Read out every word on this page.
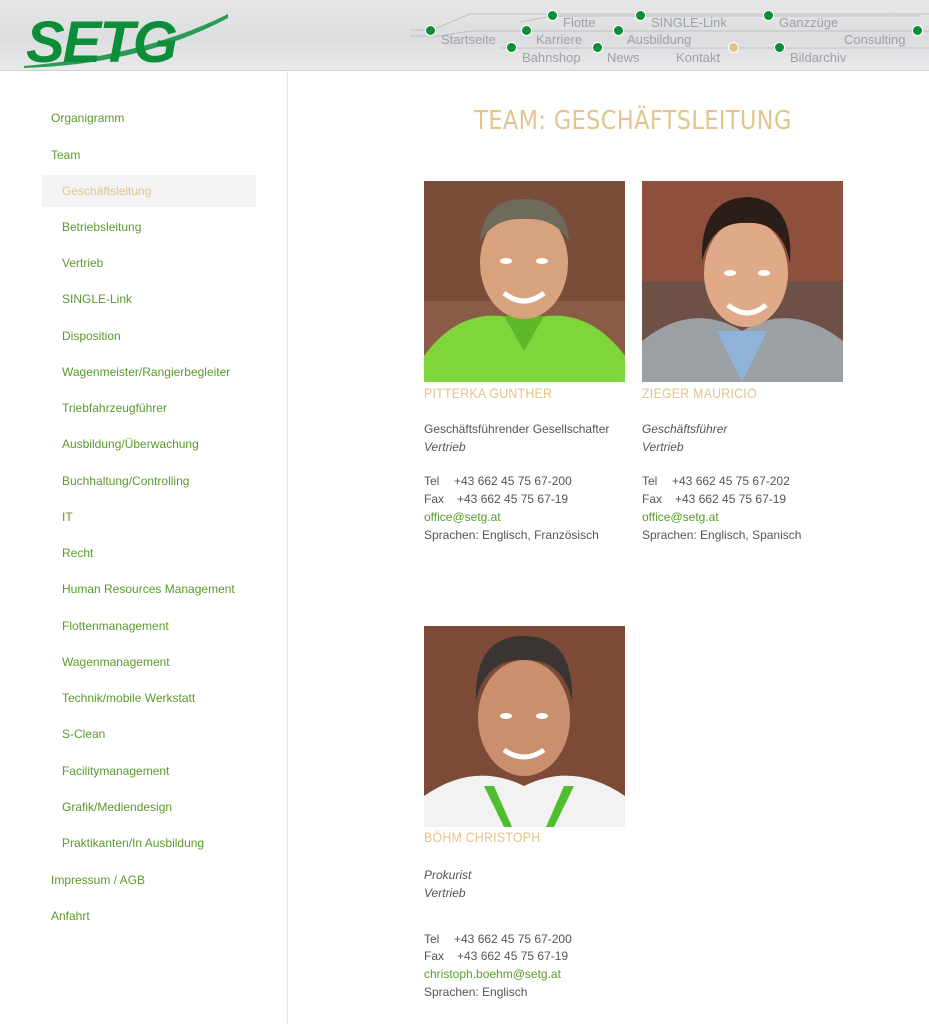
SETG	Flotte	SINGLE-Link	Ganzzüge
Startseite	Karriere	Ausbildung	Consulting
Bahnshop News	Kontakt	Bildarchiv
Organigramm
Team
Geschäftsleitung
Betriebsleitung
Vertrieb
SINGLE-Link
Disposition
Wagenmeister/Rangierbegleiter
Triebfahrzeugführer
Ausbildung/Überwachung
Buchhaltung/Controlling
IT
Recht
Human Resources Management
Flottenmanagement
Wagenmanagement
Technik/mobile Werkstatt
S-Clean
Facilitymanagement
Grafik/Mediendesign
Praktikanten/In Ausbildung
Impressum / AGB
Anfahrt
TEAM: GESCHÄFTSLEITUNG
PITTERKA GUNTHER
Geschäftsführender Gesellschafter
Vertrieb
Tel +43 662 45 75 67-200
Fax +43 662 45 75 67-19
office@setg.at
Sprachen: Englisch, Französisch
ZIEGER MAURICIO
Geschäftsführer
Vertrieb
Tel +43 662 45 75 67-202
Fax +43 662 45 75 67-19
office@setg.at
Sprachen: Englisch, Spanisch
BÖHM CHRISTOPH
Prokurist
Vertrieb
Tel +43 662 45 75 67-200
Fax +43 662 45 75 67-19
christoph.boehm@setg.at
Sprachen: Englisch
